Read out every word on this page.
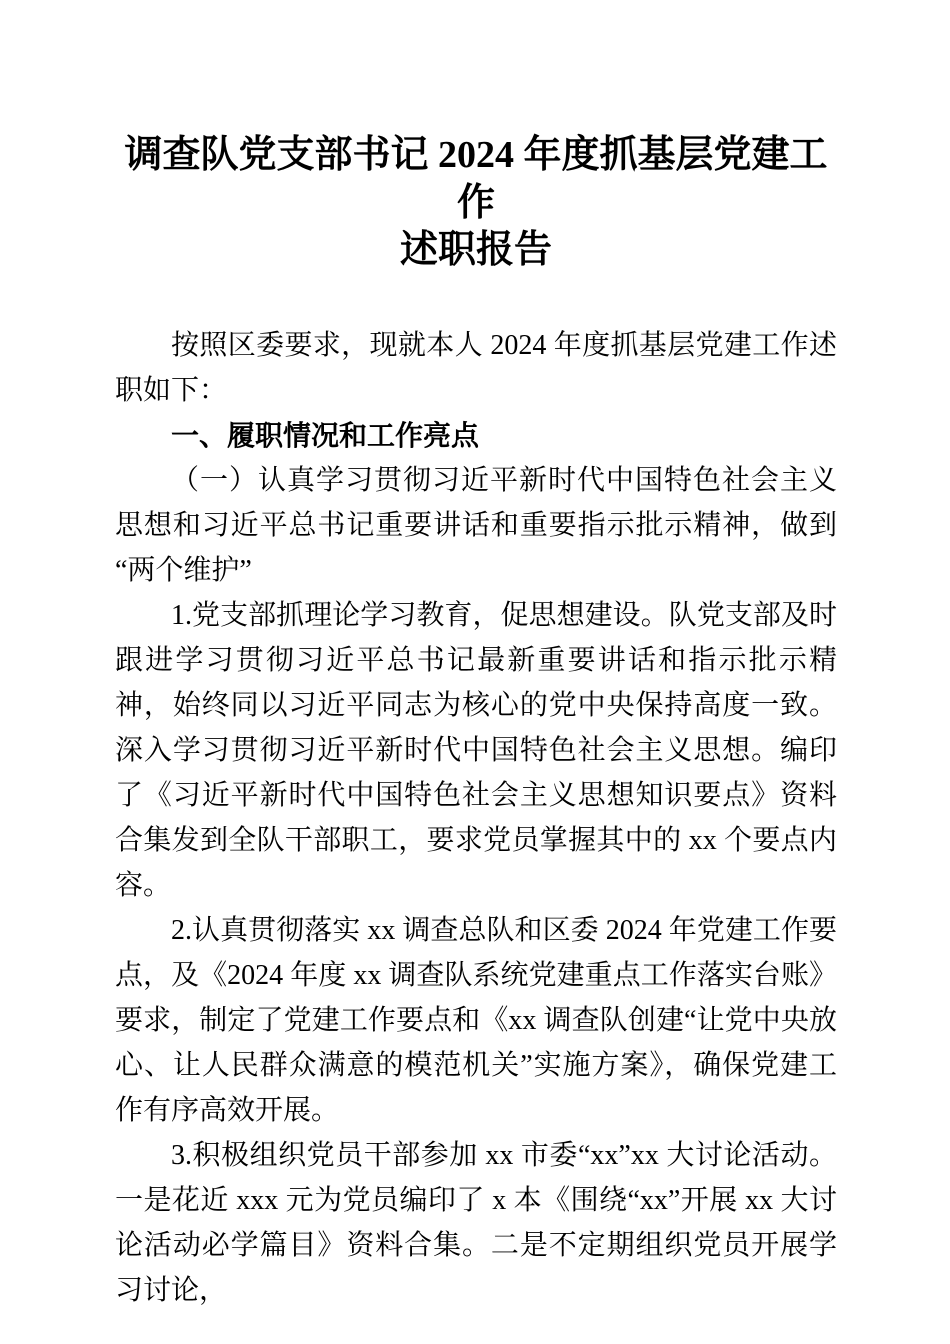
调查队党支部书记 2024 年度抓基层党建工作
述职报告

按照区委要求，现就本人 2024 年度抓基层党建工作述职如下：

一、履职情况和工作亮点

（一）认真学习贯彻习近平新时代中国特色社会主义思想和习近平总书记重要讲话和重要指示批示精神，做到“两个维护”

1.党支部抓理论学习教育，促思想建设。队党支部及时跟进学习贯彻习近平总书记最新重要讲话和指示批示精神，始终同以习近平同志为核心的党中央保持高度一致。深入学习贯彻习近平新时代中国特色社会主义思想。编印了《习近平新时代中国特色社会主义思想知识要点》资料合集发到全队干部职工，要求党员掌握其中的 xx 个要点内容。

2.认真贯彻落实 xx 调查总队和区委 2024 年党建工作要点，及《2024 年度 xx 调查队系统党建重点工作落实台账》要求，制定了党建工作要点和《xx 调查队创建“让党中央放心、让人民群众满意的模范机关”实施方案》，确保党建工作有序高效开展。

3.积极组织党员干部参加 xx 市委“xx”xx 大讨论活动。一是花近 xxx 元为党员编印了 x 本《围绕“xx”开展 xx 大讨论活动必学篇目》资料合集。二是不定期组织党员开展学习讨论，
